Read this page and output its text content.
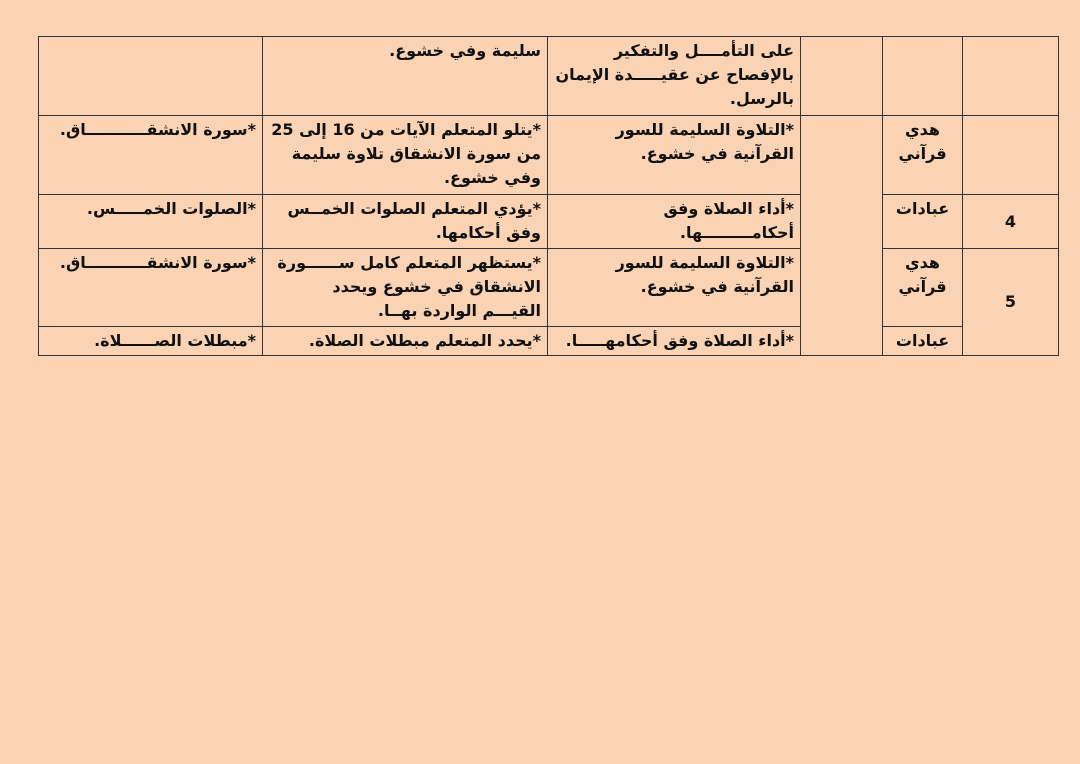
			على التأمــــل والتفكير بالإفصاح عن عقيـــــدة الإيمان بالرسل.	سليمة وفي خشوع.	
	هدي قرآني		*التلاوة السليمة للسور القرآنية في خشوع.	*يتلو المتعلم الآيات من 16 إلى 25 من سورة الانشقاق تلاوة سليمة وفي خشوع.	*سورة الانشقـــــــــــاق.
4	عبادات		*أداء الصلاة وفق أحكامـــــــــها.	*يؤدي المتعلم الصلوات الخمــس وفق أحكامها.	*الصلوات الخمـــــس.
5	هدي قرآني		*التلاوة السليمة للسور القرآنية في خشوع.	*يستظهر المتعلم كامل ســــــورة الانشقاق في خشوع ويحدد القيـــم الواردة بهــا.	*سورة الانشقـــــــــــاق.
	عبادات		*أداء الصلاة وفق أحكامهـــــا.	*يحدد المتعلم مبطلات الصلاة.	*مبطلات الصــــــلاة.
